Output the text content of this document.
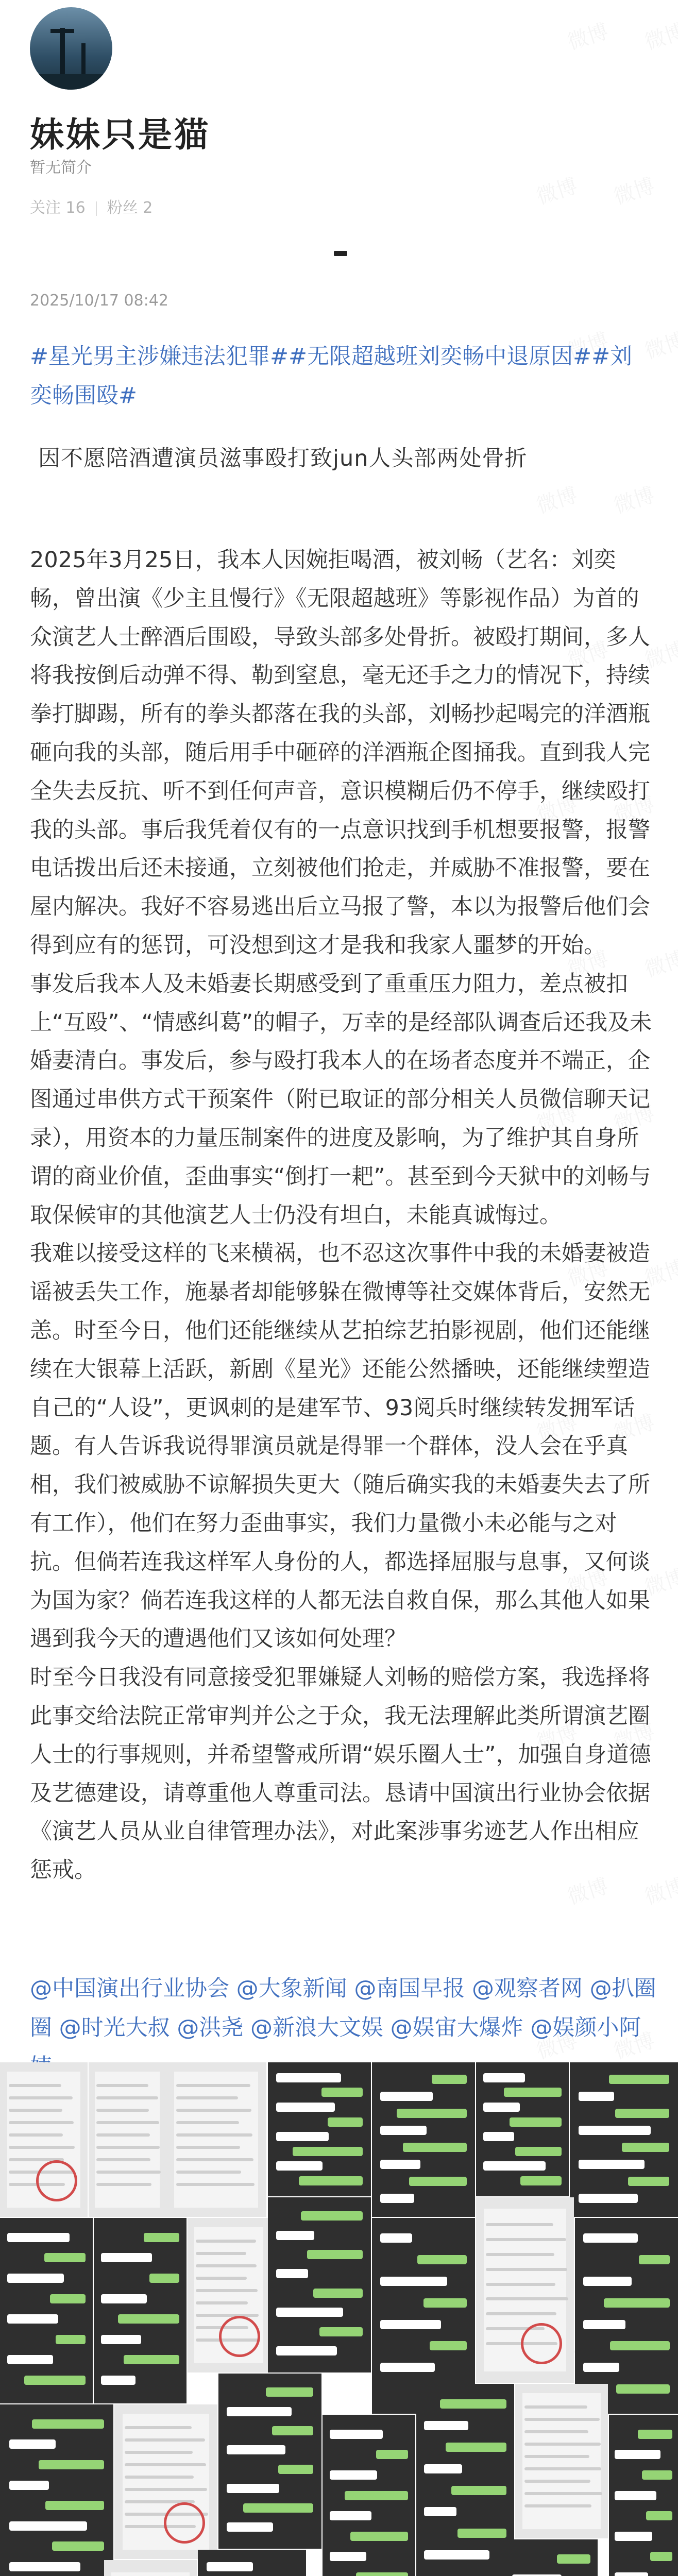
妹妹只是猫
暂无简介
关注 16 粉丝 2
2025/10/17 08:42
#星光男主涉嫌违法犯罪##无限超越班刘奕畅中退原因##刘奕畅围殴#
因不愿陪酒遭演员滋事殴打致jun人头部两处骨折

2025年3月25日，我本人因婉拒喝酒，被刘畅（艺名：刘奕畅，曾出演《少主且慢行》《无限超越班》等影视作品）为首的众演艺人士醉酒后围殴，导致头部多处骨折。被殴打期间，多人将我按倒后动弹不得、勒到窒息，毫无还手之力的情况下，持续拳打脚踢，所有的拳头都落在我的头部，刘畅抄起喝完的洋酒瓶砸向我的头部，随后用手中砸碎的洋酒瓶企图捅我。直到我人完全失去反抗、听不到任何声音，意识模糊后仍不停手，继续殴打我的头部。事后我凭着仅有的一点意识找到手机想要报警，报警电话拨出后还未接通，立刻被他们抢走，并威胁不准报警，要在屋内解决。我好不容易逃出后立马报了警，本以为报警后他们会得到应有的惩罚，可没想到这才是我和我家人噩梦的开始。

事发后我本人及未婚妻长期感受到了重重压力阻力，差点被扣上“互殴”、“情感纠葛”的帽子，万幸的是经部队调查后还我及未婚妻清白。事发后，参与殴打我本人的在场者态度并不端正，企图通过串供方式干预案件（附已取证的部分相关人员微信聊天记录），用资本的力量压制案件的进度及影响，为了维护其自身所谓的商业价值，歪曲事实“倒打一耙”。甚至到今天狱中的刘畅与取保候审的其他演艺人士仍没有坦白，未能真诚悔过。

我难以接受这样的飞来横祸，也不忍这次事件中我的未婚妻被造谣被丢失工作，施暴者却能够躲在微博等社交媒体背后，安然无恙。时至今日，他们还能继续从艺拍综艺拍影视剧，他们还能继续在大银幕上活跃，新剧《星光》还能公然播映，还能继续塑造自己的“人设”，更讽刺的是建军节、93阅兵时继续转发拥军话题。有人告诉我说得罪演员就是得罪一个群体，没人会在乎真相，我们被威胁不谅解损失更大（随后确实我的未婚妻失去了所有工作），他们在努力歪曲事实，我们力量微小未必能与之对抗。但倘若连我这样军人身份的人，都选择屈服与息事，又何谈为国为家？倘若连我这样的人都无法自救自保，那么其他人如果遇到我今天的遭遇他们又该如何处理？

时至今日我没有同意接受犯罪嫌疑人刘畅的赔偿方案，我选择将此事交给法院正常审判并公之于众，我无法理解此类所谓演艺圈人士的行事规则，并希望警戒所谓“娱乐圈人士”，加强自身道德及艺德建设，请尊重他人尊重司法。恳请中国演出行业协会依据《演艺人员从业自律管理办法》，对此案涉事劣迹艺人作出相应惩戒。

@中国演出行业协会 @大象新闻 @南国早报 @观察者网 @扒圈圈 @时光大叔 @洪尧 @新浪大文娱 @娱宙大爆炸 @娱颜小阿
